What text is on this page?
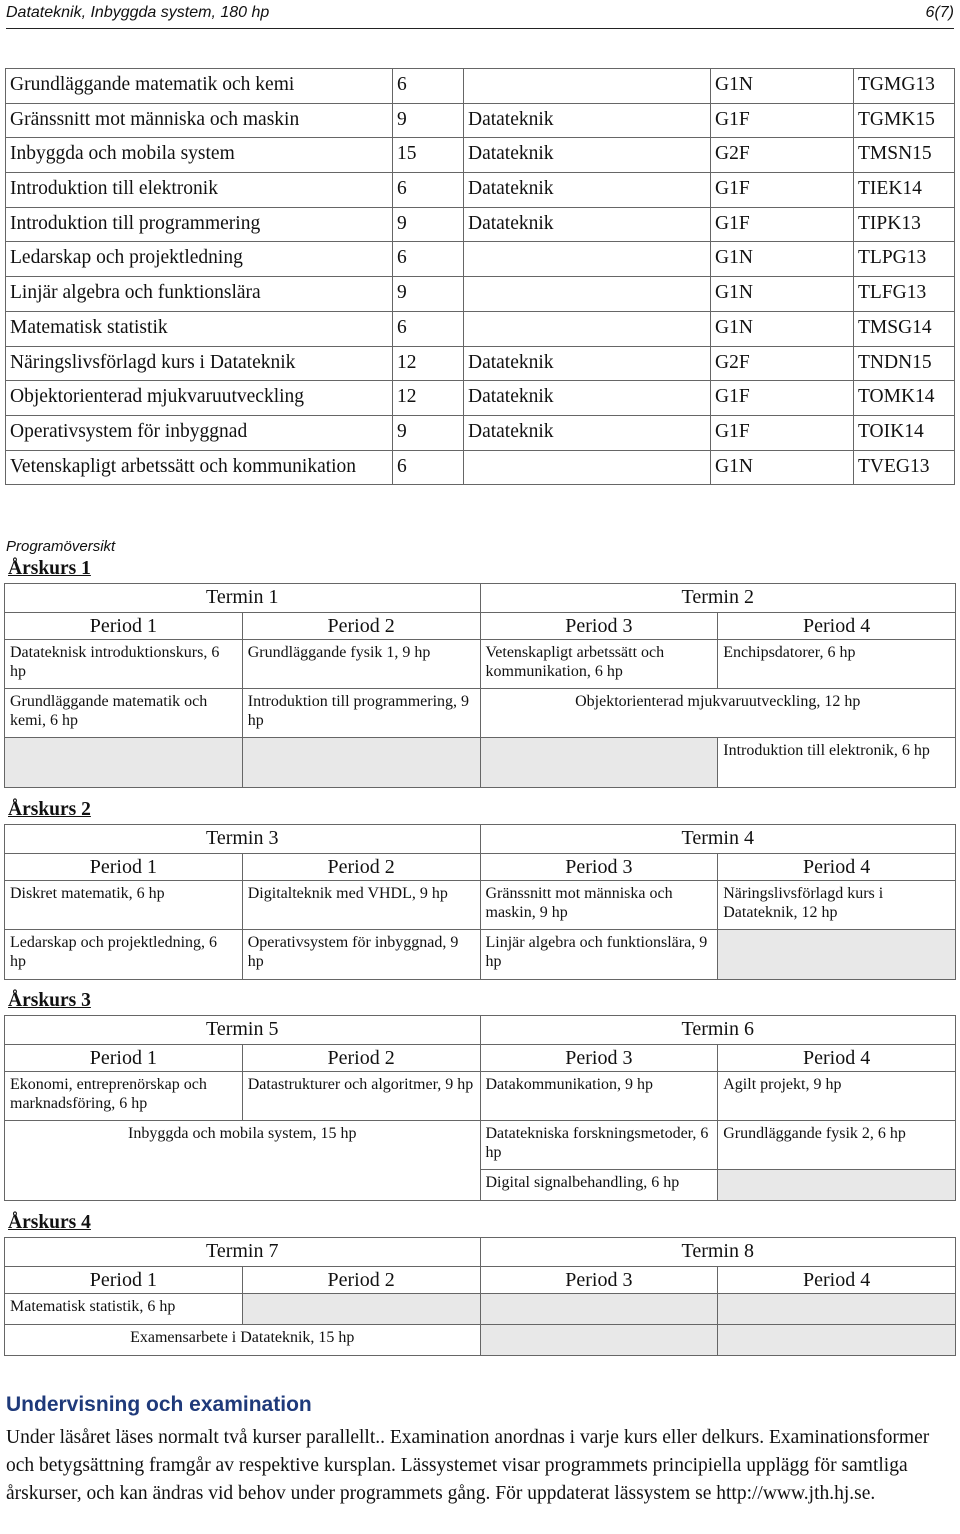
Datateknik, Inbyggda system, 180 hp	6(7)
Grundläggande matematik och kemi	6		G1N	TGMG13
Gränssnitt mot människa och maskin	9	Datateknik	G1F	TGMK15
Inbyggda och mobila system	15	Datateknik	G2F	TMSN15
Introduktion till elektronik	6	Datateknik	G1F	TIEK14
Introduktion till programmering	9	Datateknik	G1F	TIPK13
Ledarskap och projektledning	6		G1N	TLPG13
Linjär algebra och funktionslära	9		G1N	TLFG13
Matematisk statistik	6		G1N	TMSG14
Näringslivsförlagd kurs i Datateknik	12	Datateknik	G2F	TNDN15
Objektorienterad mjukvaruutveckling	12	Datateknik	G1F	TOMK14
Operativsystem för inbyggnad	9	Datateknik	G1F	TOIK14
Vetenskapligt arbetssätt och kommunikation	6		G1N	TVEG13
Programöversikt
Årskurs 1
Termin 1		Termin 2	
Period 1	Period 2	Period 3	Period 4
Datateknisk introduktionskurs, 6 hp	Grundläggande fysik 1, 9 hp	Vetenskapligt arbetssätt och kommunikation, 6 hp	Enchipsdatorer, 6 hp
Grundläggande matematik och kemi, 6 hp	Introduktion till programmering, 9 hp	Objektorienterad mjukvaruutveckling, 12 hp	
			Introduktion till elektronik, 6 hp
Årskurs 2
Termin 3		Termin 4	
Period 1	Period 2	Period 3	Period 4
Diskret matematik, 6 hp	Digitalteknik med VHDL, 9 hp	Gränssnitt mot människa och maskin, 9 hp	Näringslivsförlagd kurs i Datateknik, 12 hp
Ledarskap och projektledning, 6 hp	Operativsystem för inbyggnad, 9 hp	Linjär algebra och funktionslära, 9 hp	
Årskurs 3
Termin 5		Termin 6	
Period 1	Period 2	Period 3	Period 4
Ekonomi, entreprenörskap och marknadsföring, 6 hp	Datastrukturer och algoritmer, 9 hp	Datakommunikation, 9 hp	Agilt projekt, 9 hp
Inbyggda och mobila system, 15 hp		Datatekniska forskningsmetoder, 6 hp	Grundläggande fysik 2, 6 hp
		Digital signalbehandling, 6 hp	
Årskurs 4
Termin 7		Termin 8	
Period 1	Period 2	Period 3	Period 4
Matematisk statistik, 6 hp			
Examensarbete i Datateknik, 15 hp			
Undervisning och examination
Under läsåret läses normalt två kurser parallellt.. Examination anordnas i varje kurs eller delkurs. Examinationsformer och betygsättning framgår av respektive kursplan. Lässystemet visar programmets principiella upplägg för samtliga årskurser, och kan ändras vid behov under programmets gång. För uppdaterat lässystem se http://www.jth.hj.se.
